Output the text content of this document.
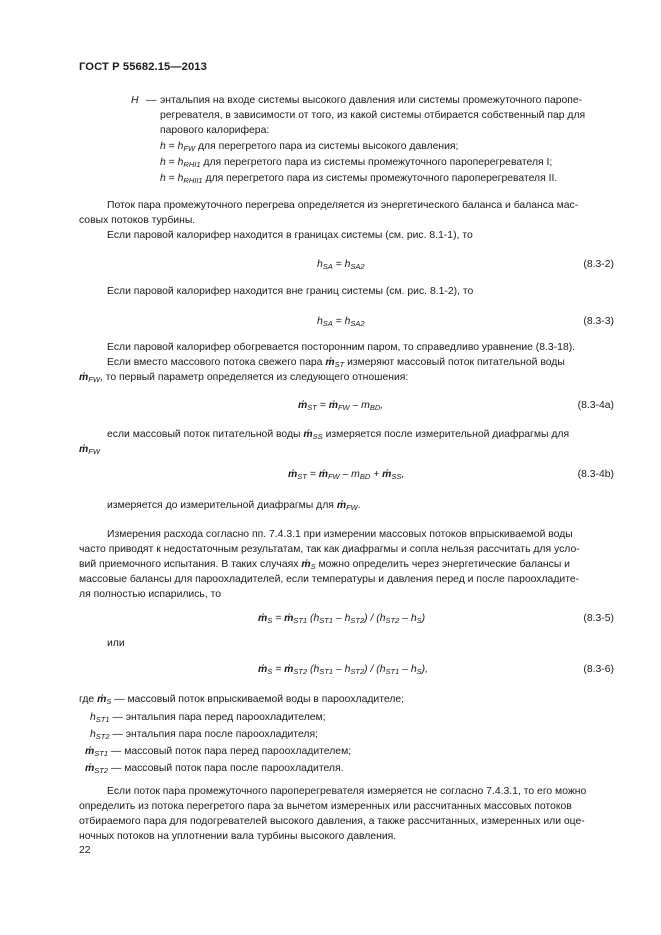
ГОСТ Р 55682.15—2013
H — энтальпия на входе системы высокого давления или системы промежуточного паропе-
регревателя, в зависимости от того, из какой системы отбирается собственный пар для
парового калорифера:
$h = h_{FW}$ для перегретого пара из системы высокого давления;
$h = h_{RHI1}$ для перегретого пара из системы промежуточного пароперегревателя I;
$h = h_{RHII1}$ для перегретого пара из системы промежуточного пароперегревателя II.
Поток пара промежуточного перегрева определяется из энергетического баланса и баланса мас-
совых потоков турбины.
Если паровой калорифер находится в границах системы (см. рис. 8.1-1), то
$h_{SA} = h_{SA2}$	(8.3-2)
Если паровой калорифер находится вне границ системы (см. рис. 8.1-2), то
$h_{SA} = h_{SA2}$	(8.3-3)
Если паровой калорифер обогревается посторонним паром, то справедливо уравнение (8.3-18).
Если вместо массового потока свежего пара ṁ$_{ST}$ измеряют массовый поток питательной воды
ṁ$_{FW}$, то первый параметр определяется из следующего отношения:
ṁ$_{ST}$ = ṁ$_{FW}$ – $m_{BD}$,	(8.3-4a)
если массовый поток питательной воды ṁ$_{SS}$ измеряется после измерительной диафрагмы для
ṁ$_{FW}$
ṁ$_{ST}$ = ṁ$_{FW}$ – $m_{BD}$ + ṁ$_{SS}$,	(8.3-4b)
измеряется до измерительной диафрагмы для ṁ$_{FW}$.
Измерения расхода согласно пп. 7.4.3.1 при измерении массовых потоков впрыскиваемой воды
часто приводят к недостаточным результатам, так как диафрагмы и сопла нельзя рассчитать для усло-
вий приемочного испытания. В таких случаях ṁ$_S$ можно определить через энергетические балансы и
массовые балансы для пароохладителей, если температуры и давления перед и после пароохладите-
ля полностью испарились, то
ṁ$_S$ = ṁ$_{ST1}$ $(h_{ST1} - h_{ST2}) / (h_{ST2} - h_S)$	(8.3-5)
или
ṁ$_S$ = ṁ$_{ST2}$ $(h_{ST1} - h_{ST2}) / (h_{ST1} - h_S)$,	(8.3-6)
где ṁ$_S$ — массовый поток впрыскиваемой воды в пароохладителе;
$h_{ST1}$ — энтальпия пара перед пароохладителем;
$h_{ST2}$ — энтальпия пара после пароохладителя;
ṁ$_{ST1}$ — массовый поток пара перед пароохладителем;
ṁ$_{ST2}$ — массовый поток пара после пароохладителя.
Если поток пара промежуточного пароперегревателя измеряется не согласно 7.4.3.1, то его можно
определить из потока перегретого пара за вычетом измеренных или рассчитанных массовых потоков
отбираемого пара для подогревателей высокого давления, а также рассчитанных, измеренных или оце-
ночных потоков на уплотнении вала турбины высокого давления.
22
